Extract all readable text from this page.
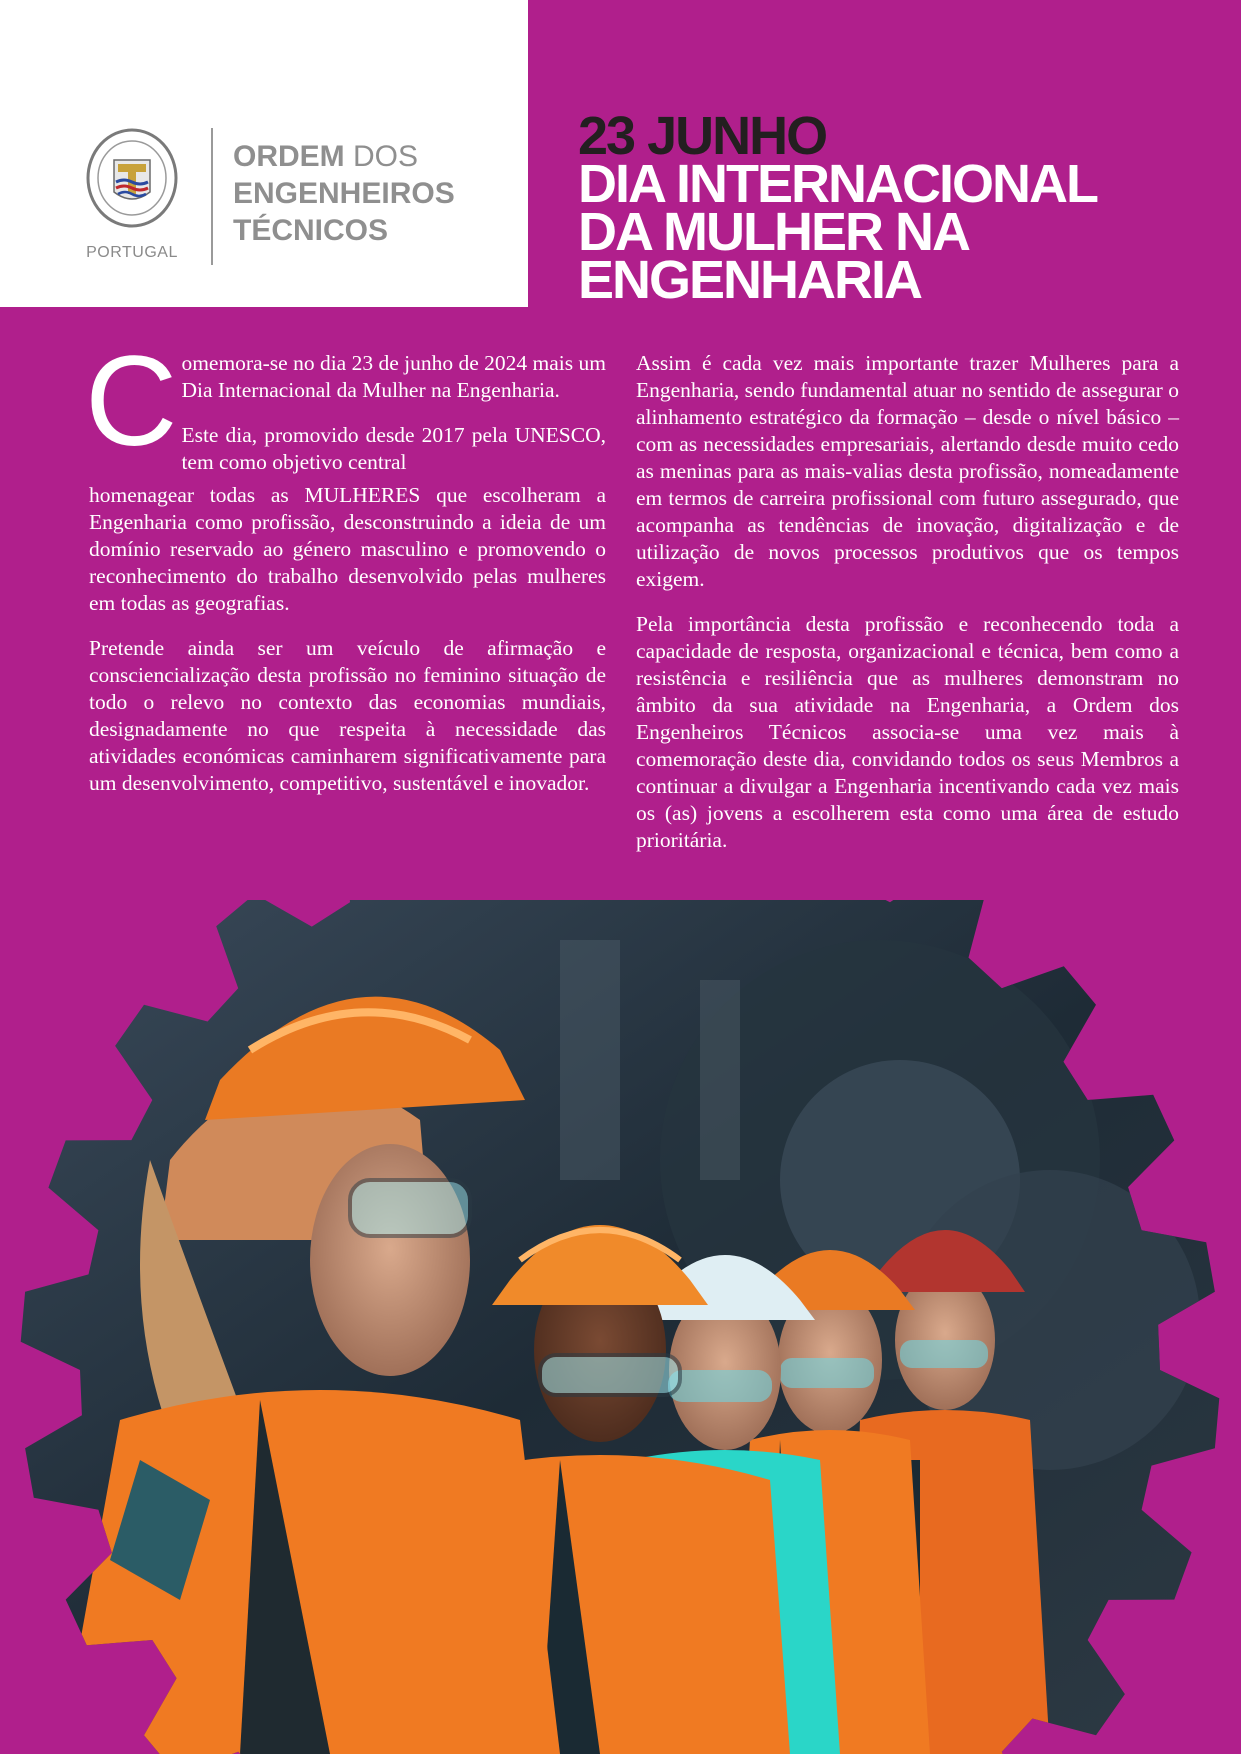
PORTUGAL
ORDEM DOS
ENGENHEIROS
TÉCNICOS
23 JUNHO
DIA INTERNACIONAL
DA MULHER NA
ENGENHARIA

Comemora-se no dia 23 de junho de 2024 mais um Dia Internacional da Mulher na Engenharia.

Este dia, promovido desde 2017 pela UNESCO, tem como objetivo central

homenagear todas as MULHERES que escolheram a Engenharia como profissão, desconstruindo a ideia de um domínio reservado ao género masculino e promovendo o reconhecimento do trabalho desenvolvido pelas mulheres em todas as geografias.

Pretende ainda ser um veículo de afirmação e consciencialização desta profissão no feminino situação de todo o relevo no contexto das economias mundiais, designadamente no que respeita à necessidade das atividades económicas caminharem significativamente para um desenvolvimento, competitivo, sustentável e inovador.

Assim é cada vez mais importante trazer Mulheres para a Engenharia, sendo fundamental atuar no sentido de assegurar o alinhamento estratégico da formação – desde o nível básico – com as necessidades empresariais, alertando desde muito cedo as meninas para as mais-valias desta profissão, nomeadamente em termos de carreira profissional com futuro assegurado, que acompanha as tendências de inovação, digitalização e de utilização de novos processos produtivos que os tempos exigem.

Pela importância desta profissão e reconhecendo toda a capacidade de resposta, organizacional e técnica, bem como a resistência e resiliência que as mulheres demonstram no âmbito da sua atividade na Engenharia, a Ordem dos Engenheiros Técnicos associa-se uma vez mais à comemoração deste dia, convidando todos os seus Membros a continuar a divulgar a Engenharia incentivando cada vez mais os (as) jovens a escolherem esta como uma área de estudo prioritária.
